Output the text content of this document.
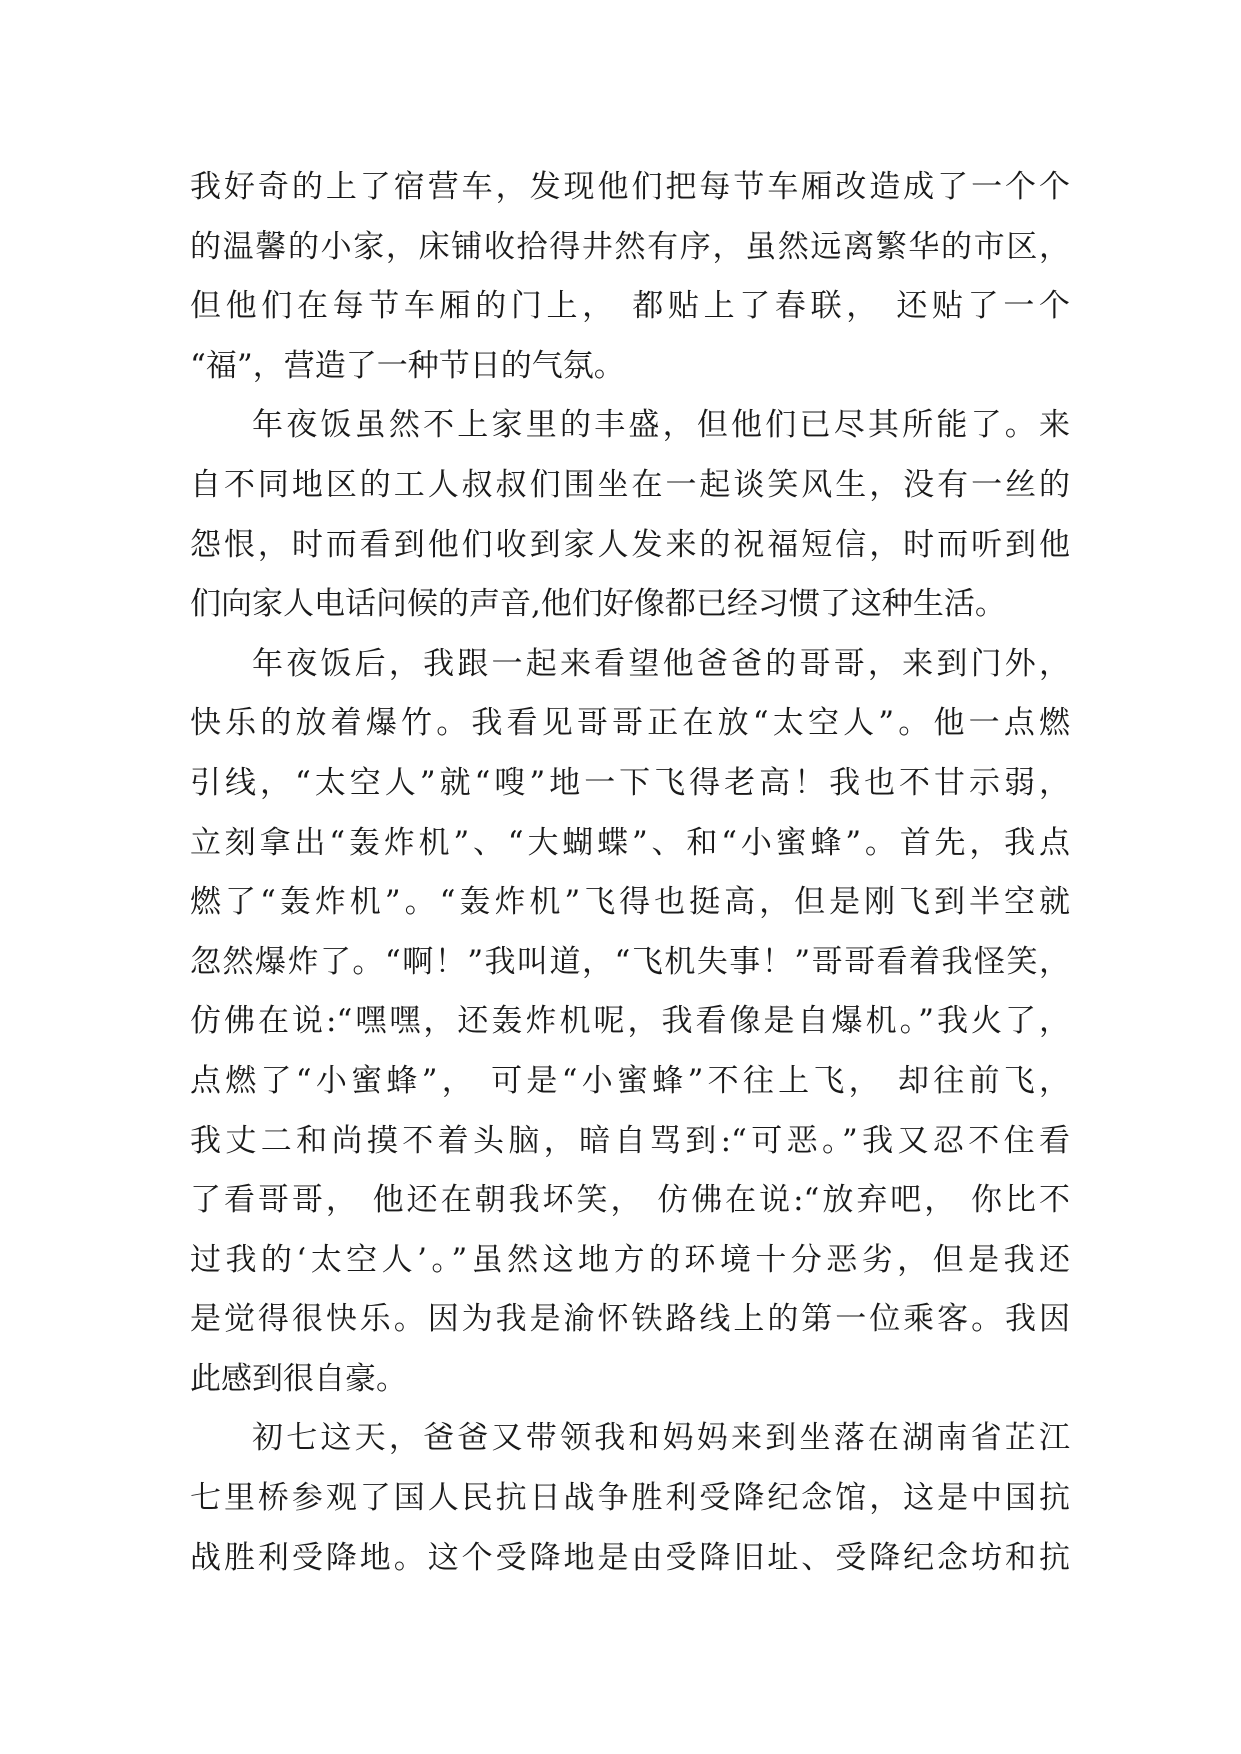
我好奇的上了宿营车，发现他们把每节车厢改造成了一个个
的温馨的小家，床铺收拾得井然有序，虽然远离繁华的市区，
但他们在每节车厢的门上， 都贴上了春联， 还贴了一个
“福”，营造了一种节日的气氛。
年夜饭虽然不上家里的丰盛，但他们已尽其所能了。来
自不同地区的工人叔叔们围坐在一起谈笑风生，没有一丝的
怨恨，时而看到他们收到家人发来的祝福短信，时而听到他
们向家人电话问候的声音,他们好像都已经习惯了这种生活。
年夜饭后，我跟一起来看望他爸爸的哥哥，来到门外，
快乐的放着爆竹。我看见哥哥正在放“太空人”。他一点燃
引线，“太空人”就“嗖”地一下飞得老高！我也不甘示弱，
立刻拿出“轰炸机”、“大蝴蝶”、和“小蜜蜂”。首先，我点
燃了“轰炸机”。“轰炸机”飞得也挺高，但是刚飞到半空就
忽然爆炸了。“啊！”我叫道，“飞机失事！”哥哥看着我怪笑，
仿佛在说:“嘿嘿，还轰炸机呢，我看像是自爆机。”我火了，
点燃了“小蜜蜂”， 可是“小蜜蜂”不往上飞， 却往前飞，
我丈二和尚摸不着头脑，暗自骂到:“可恶。”我又忍不住看
了看哥哥， 他还在朝我坏笑， 仿佛在说:“放弃吧， 你比不
过我的‘太空人’。”虽然这地方的环境十分恶劣，但是我还
是觉得很快乐。因为我是渝怀铁路线上的第一位乘客。我因
此感到很自豪。
初七这天，爸爸又带领我和妈妈来到坐落在湖南省芷江
七里桥参观了国人民抗日战争胜利受降纪念馆，这是中国抗
战胜利受降地。这个受降地是由受降旧址、受降纪念坊和抗
